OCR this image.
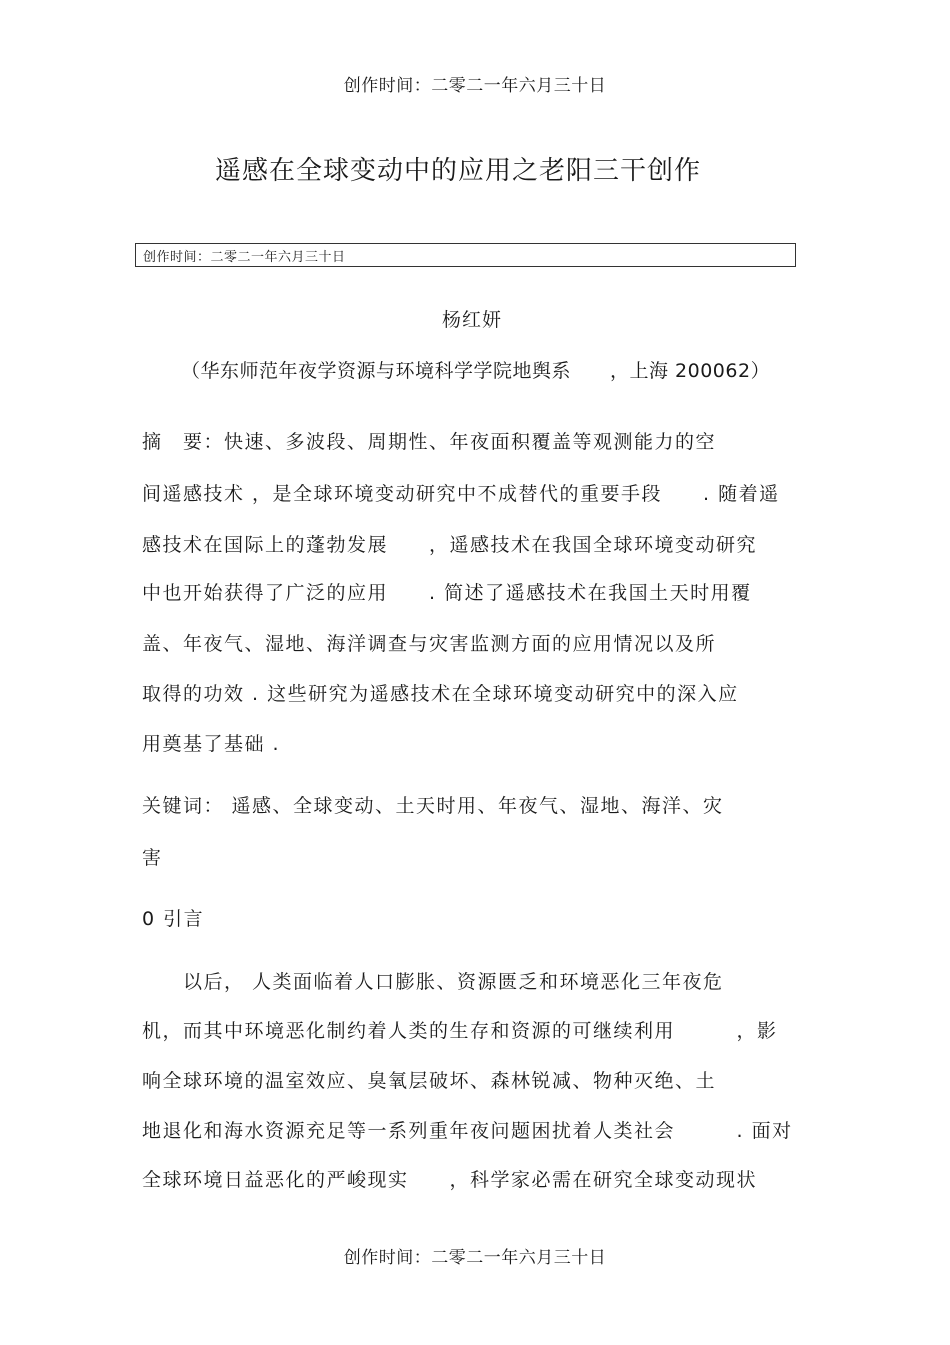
创作时间：二零二一年六月三十日
遥感在全球变动中的应用之老阳三干创作
创作时间：二零二一年六月三十日
杨红妍
（华东师范年夜学资源与环境科学学院地舆系　　，上海 200062）
摘　要：快速、多波段、周期性、年夜面积覆盖等观测能力的空
间遥感技术 ，是全球环境变动研究中不成替代的重要手段　　. 随着遥
感技术在国际上的蓬勃发展　　，遥感技术在我国全球环境变动研究
中也开始获得了广泛的应用　　. 简述了遥感技术在我国土天时用覆
盖、年夜气、湿地、海洋调查与灾害监测方面的应用情况以及所
取得的功效 . 这些研究为遥感技术在全球环境变动研究中的深入应
用奠基了基础 .
关键词： 遥感、全球变动、土天时用、年夜气、湿地、海洋、灾
害
0 引言
　　以后， 人类面临着人口膨胀、资源匮乏和环境恶化三年夜危
机，而其中环境恶化制约着人类的生存和资源的可继续利用　　　，影
响全球环境的温室效应、臭氧层破坏、森林锐减、物种灭绝、土
地退化和海水资源充足等一系列重年夜问题困扰着人类社会　　　. 面对
全球环境日益恶化的严峻现实　　，科学家必需在研究全球变动现状
创作时间：二零二一年六月三十日
